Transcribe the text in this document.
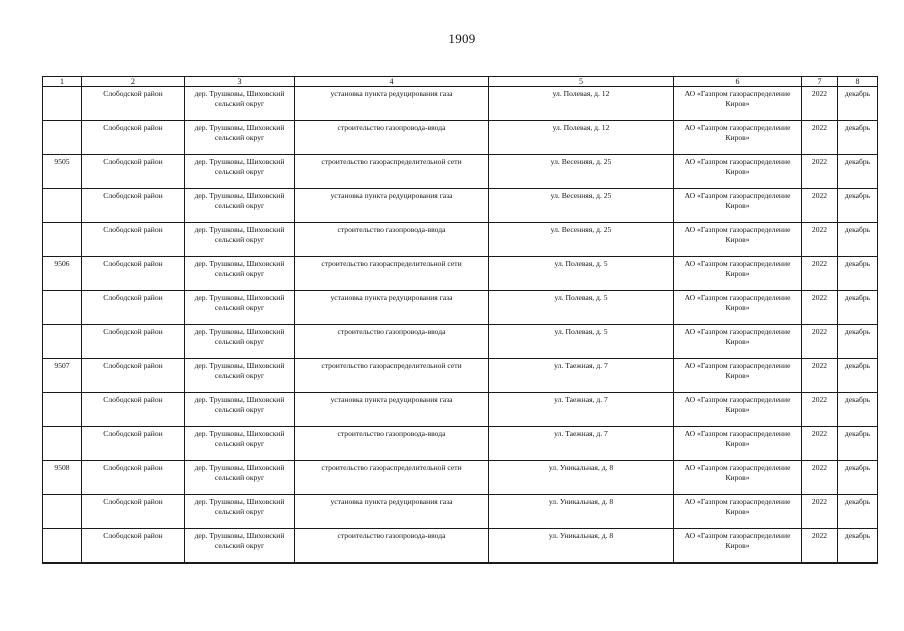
1909
1	2	3	4	5	6	7	8
	Слободской район	дер. Трушковы, Шиховский сельский округ	установка пункта редуцирования газа	ул. Полевая, д. 12	АО «Газпром газораспределение Киров»	2022	декабрь
	Слободской район	дер. Трушковы, Шиховский сельский округ	строительство газопровода-ввода	ул. Полевая, д. 12	АО «Газпром газораспределение Киров»	2022	декабрь
9505	Слободской район	дер. Трушковы, Шиховский сельский округ	строительство газораспределительной сети	ул. Весенняя, д. 25	АО «Газпром газораспределение Киров»	2022	декабрь
	Слободской район	дер. Трушковы, Шиховский сельский округ	установка пункта редуцирования газа	ул. Весенняя, д. 25	АО «Газпром газораспределение Киров»	2022	декабрь
	Слободской район	дер. Трушковы, Шиховский сельский округ	строительство газопровода-ввода	ул. Весенняя, д. 25	АО «Газпром газораспределение Киров»	2022	декабрь
9506	Слободской район	дер. Трушковы, Шиховский сельский округ	строительство газораспределительной сети	ул. Полевая, д. 5	АО «Газпром газораспределение Киров»	2022	декабрь
	Слободской район	дер. Трушковы, Шиховский сельский округ	установка пункта редуцирования газа	ул. Полевая, д. 5	АО «Газпром газораспределение Киров»	2022	декабрь
	Слободской район	дер. Трушковы, Шиховский сельский округ	строительство газопровода-ввода	ул. Полевая, д. 5	АО «Газпром газораспределение Киров»	2022	декабрь
9507	Слободской район	дер. Трушковы, Шиховский сельский округ	строительство газораспределительной сети	ул. Таежная, д. 7	АО «Газпром газораспределение Киров»	2022	декабрь
	Слободской район	дер. Трушковы, Шиховский сельский округ	установка пункта редуцирования газа	ул. Таежная, д. 7	АО «Газпром газораспределение Киров»	2022	декабрь
	Слободской район	дер. Трушковы, Шиховский сельский округ	строительство газопровода-ввода	ул. Таежная, д. 7	АО «Газпром газораспределение Киров»	2022	декабрь
9508	Слободской район	дер. Трушковы, Шиховский сельский округ	строительство газораспределительной сети	ул. Уникальная, д. 8	АО «Газпром газораспределение Киров»	2022	декабрь
	Слободской район	дер. Трушковы, Шиховский сельский округ	установка пункта редуцирования газа	ул. Уникальная, д. 8	АО «Газпром газораспределение Киров»	2022	декабрь
	Слободской район	дер. Трушковы, Шиховский сельский округ	строительство газопровода-ввода	ул. Уникальная, д. 8	АО «Газпром газораспределение Киров»	2022	декабрь
